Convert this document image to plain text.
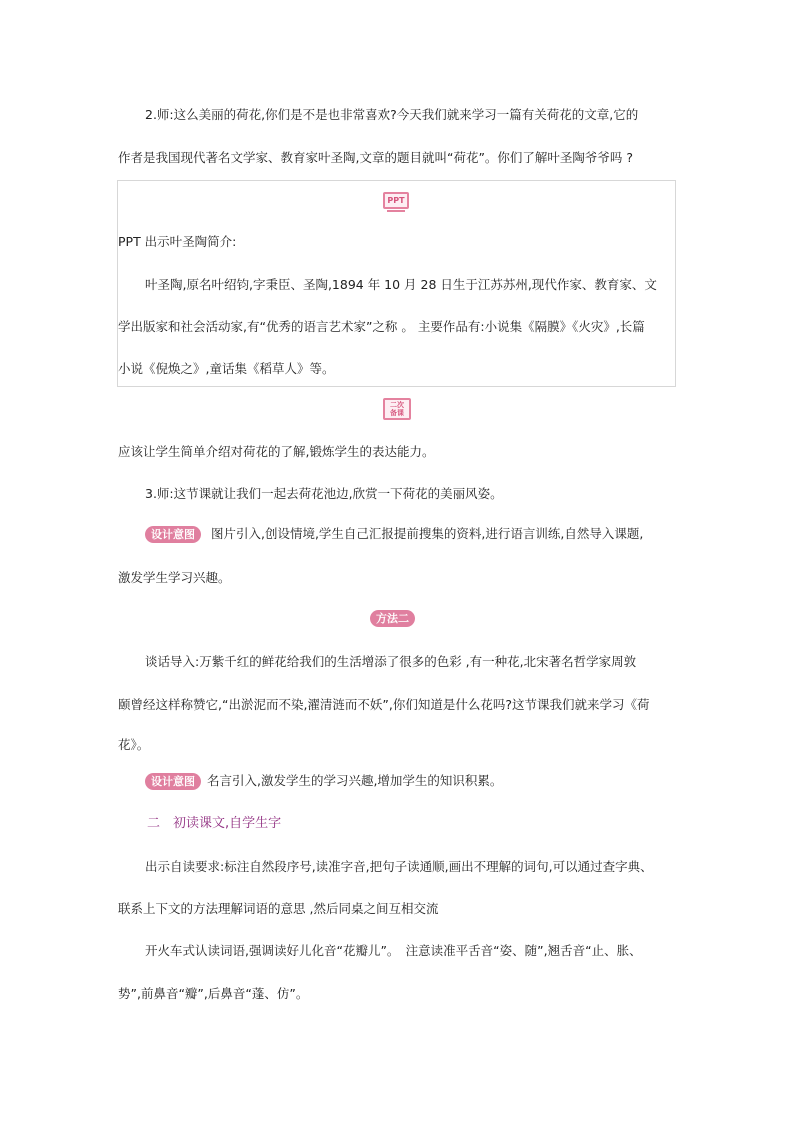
2.师:这么美丽的荷花,你们是不是也非常喜欢?今天我们就来学习一篇有关荷花的文章,它的
作者是我国现代著名文学家、教育家叶圣陶,文章的题目就叫“荷花”。你们了解叶圣陶爷爷吗 ?
PPT
PPT 出示叶圣陶简介:
叶圣陶,原名叶绍钧,字秉臣、圣陶,1894 年 10 月 28 日生于江苏苏州,现代作家、教育家、文
学出版家和社会活动家,有“优秀的语言艺术家”之称 。 主要作品有:小说集《隔膜》《火灾》,长篇
小说《倪焕之》,童话集《稻草人》等。
二次
备课
应该让学生简单介绍对荷花的了解,锻炼学生的表达能力。
3.师:这节课就让我们一起去荷花池边,欣赏一下荷花的美丽风姿。
设计意图 图片引入,创设情境,学生自己汇报提前搜集的资料,进行语言训练,自然导入课题,
激发学生学习兴趣。
方法二
谈话导入:万紫千红的鲜花给我们的生活增添了很多的色彩 ,有一种花,北宋著名哲学家周敦
颐曾经这样称赞它,“出淤泥而不染,濯清涟而不妖”,你们知道是什么花吗?这节课我们就来学习《荷
花》。
设计意图 名言引入,激发学生的学习兴趣,增加学生的知识积累。
二　初读课文,自学生字
出示自读要求:标注自然段序号,读准字音,把句子读通顺,画出不理解的词句,可以通过查字典、
联系上下文的方法理解词语的意思 ,然后同桌之间互相交流
开火车式认读词语,强调读好儿化音“花瓣儿”。　注意读准平舌音“姿、随”,翘舌音“止、胀、
势”,前鼻音“瓣”,后鼻音“蓬、仿”。
